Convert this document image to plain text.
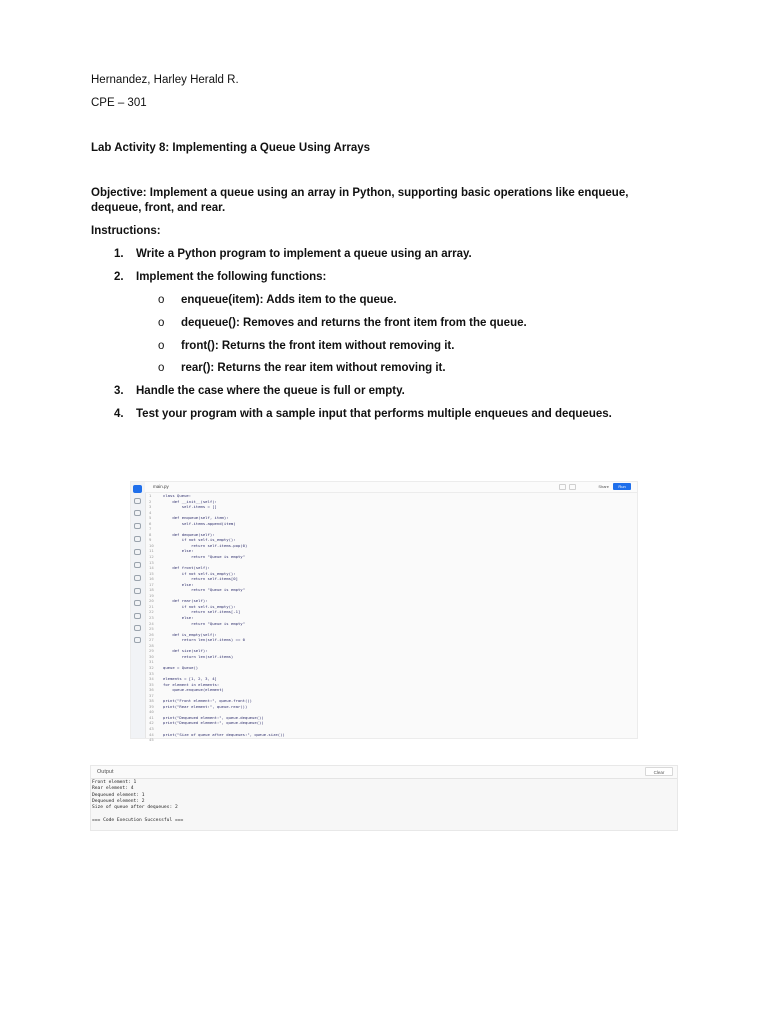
Hernandez, Harley Herald R.

CPE – 301

Lab Activity 8: Implementing a Queue Using Arrays

Objective: Implement a queue using an array in Python, supporting basic operations like enqueue, dequeue, front, and rear.

Instructions:

1. Write a Python program to implement a queue using an array.

2. Implement the following functions:

o enqueue(item): Adds item to the queue.

o dequeue(): Removes and returns the front item from the queue.

o front(): Returns the front item without removing it.

o rear(): Returns the rear item without removing it.

3. Handle the case where the queue is full or empty.

4. Test your program with a sample input that performs multiple enqueues and dequeues.

main.py	Share	Run
1	class Queue:
2	def __init__(self):
3	self.items = []
4
5	def enqueue(self, item):
6	self.items.append(item)
7
8	def dequeue(self):
9	if not self.is_empty():
10            return self.items.pop(0)
11        else:
12            return "Queue is empty"
13
14    def front(self):
15        if not self.is_empty():
16            return self.items[0]
17        else:
18            return "Queue is empty"
19
20    def rear(self):
21        if not self.is_empty():
22            return self.items[-1]
23        else:
24            return "Queue is empty"
25
26    def is_empty(self):
27        return len(self.items) == 0
28
29    def size(self):
30        return len(self.items)
31
32 queue = Queue()
33
34 elements = [1, 2, 3, 4]
35 for element in elements:
36    queue.enqueue(element)
37
38 print("Front element:", queue.front())
39 print("Rear element:", queue.rear())
40
41 print("Dequeued element:", queue.dequeue())
42 print("Dequeued element:", queue.dequeue())
43
44 print("Size of queue after dequeues:", queue.size())
45
Output	Clear
Front element: 1
Rear element: 4
Dequeued element: 1
Dequeued element: 2
Size of queue after dequeues: 2
=== Code Execution Successful ===
